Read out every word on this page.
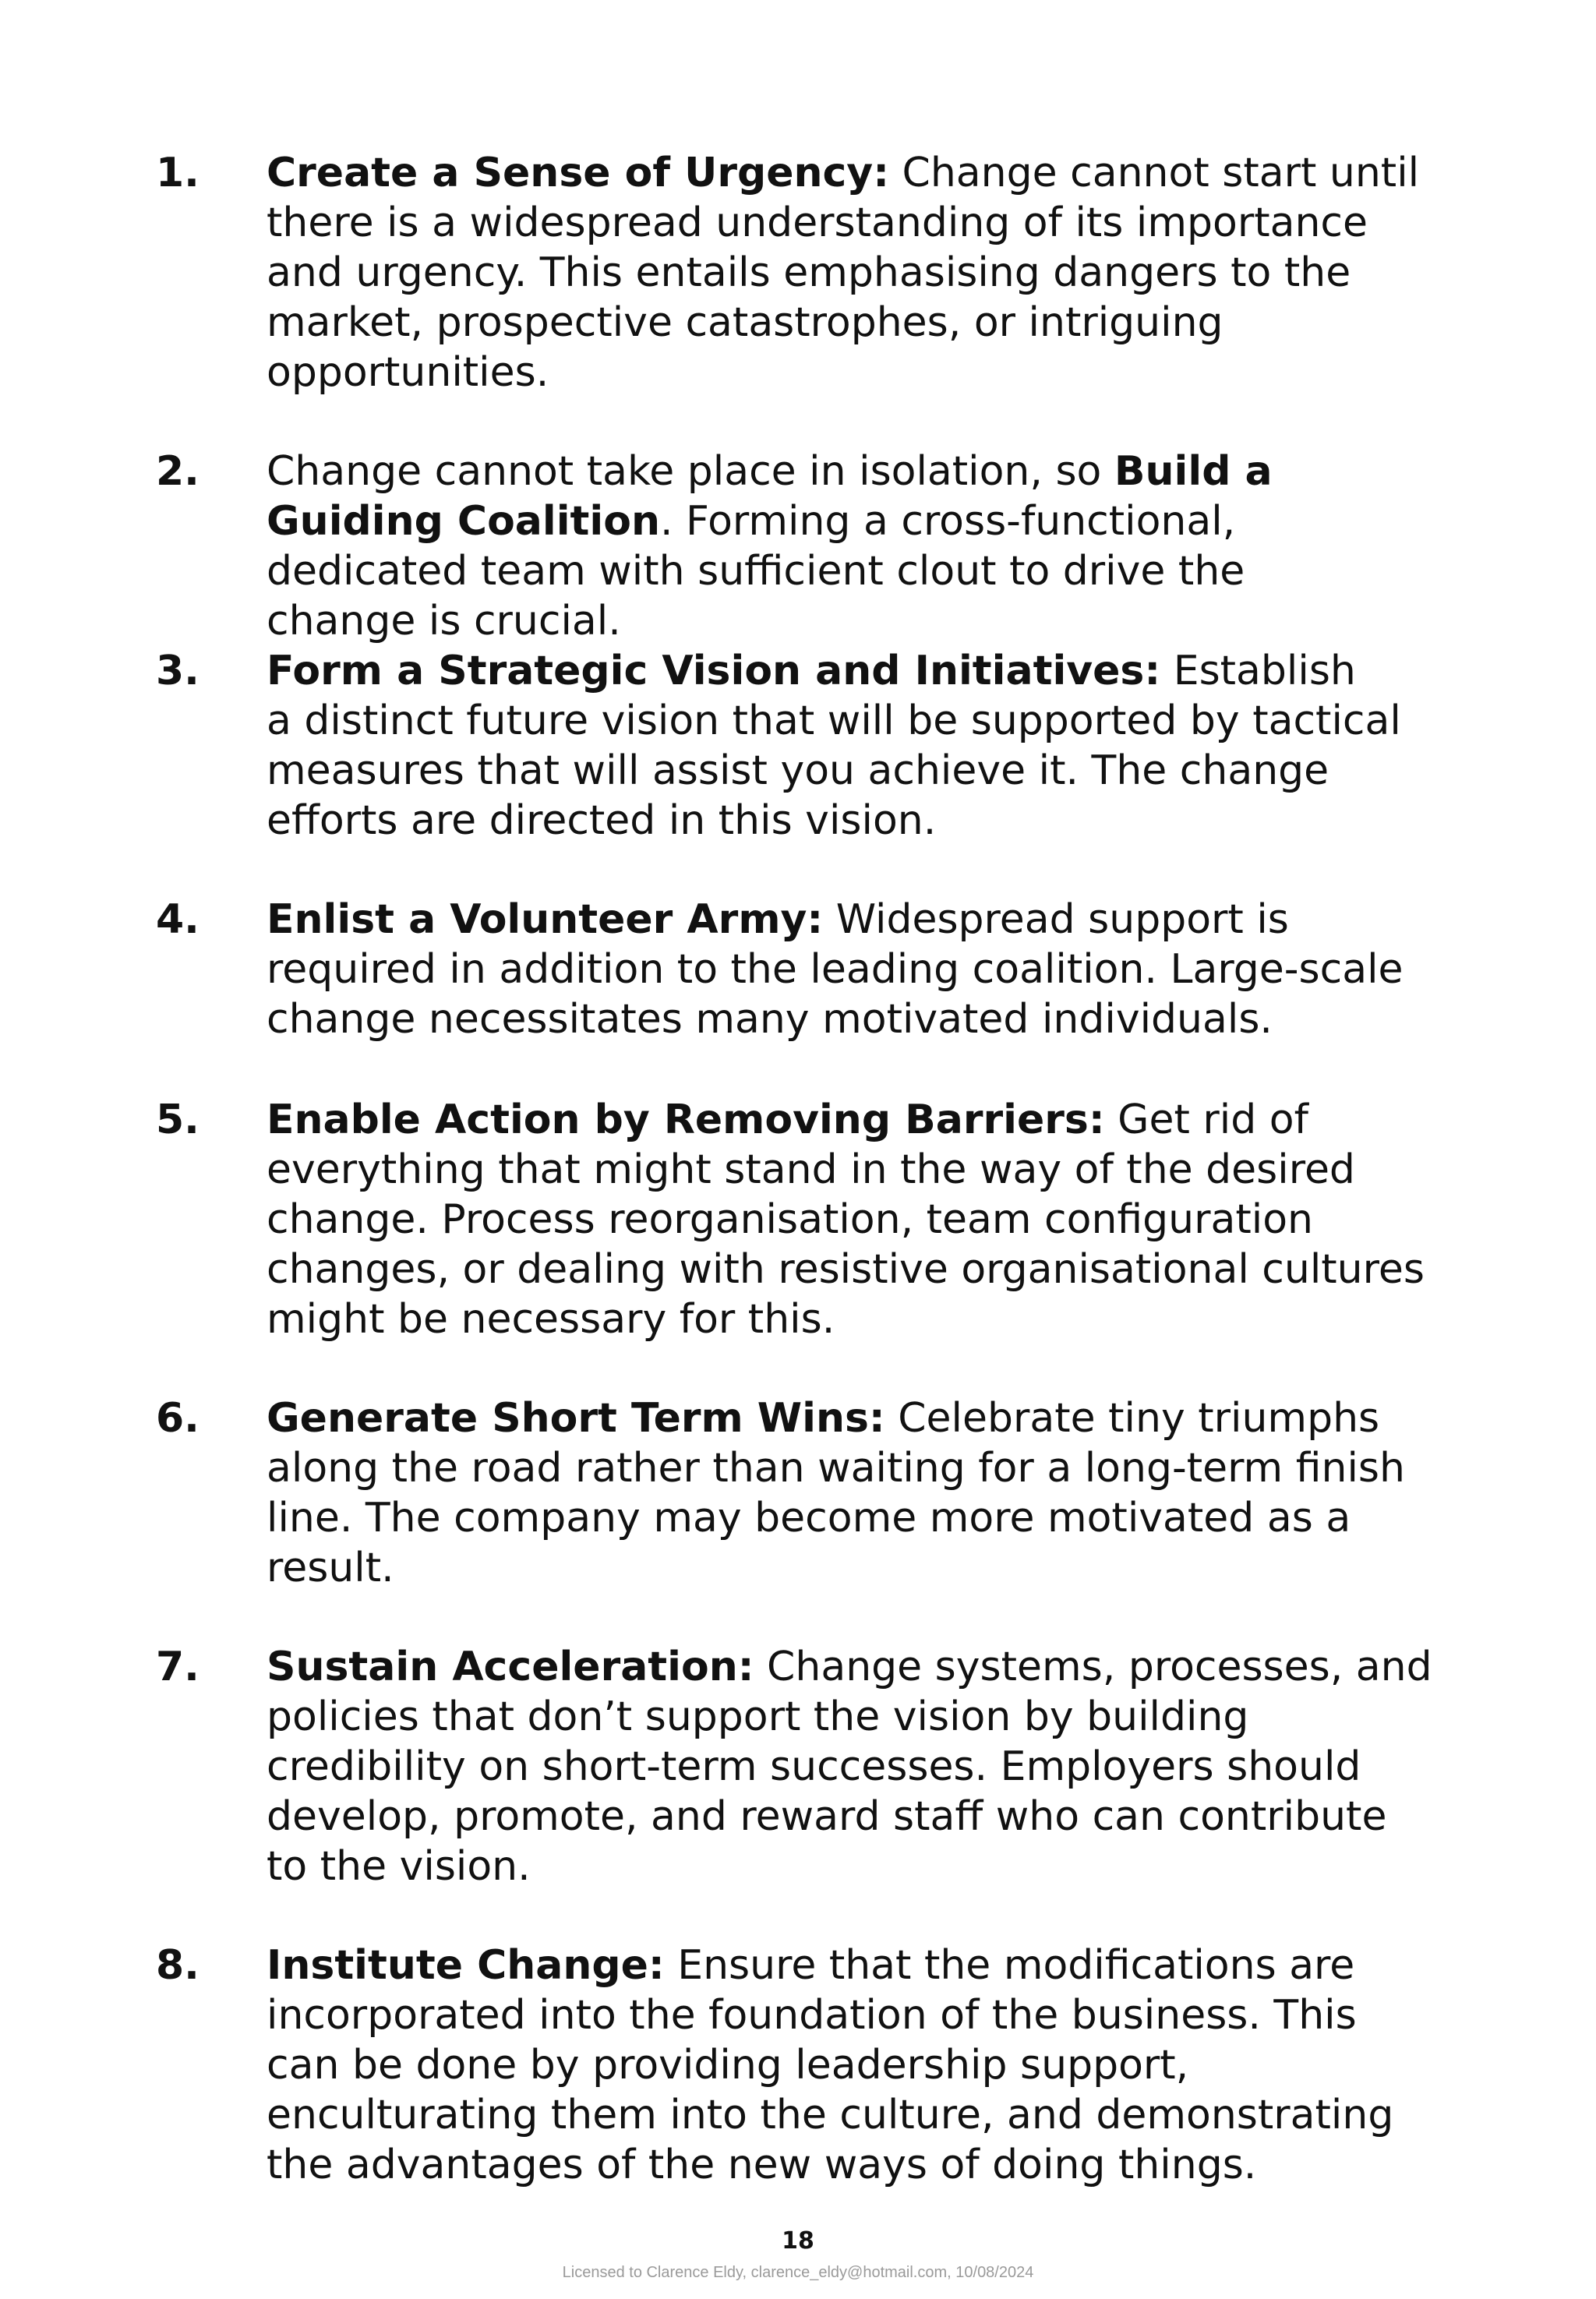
1. Create a Sense of Urgency: Change cannot start until
there is a widespread understanding of its importance
and urgency. This entails emphasising dangers to the
market, prospective catastrophes, or intriguing
opportunities.

2. Change cannot take place in isolation, so Build a
Guiding Coalition. Forming a cross-functional,
dedicated team with sufficient clout to drive the
change is crucial.

3. Form a Strategic Vision and Initiatives: Establish
a distinct future vision that will be supported by tactical
measures that will assist you achieve it. The change
efforts are directed in this vision.

4. Enlist a Volunteer Army: Widespread support is
required in addition to the leading coalition. Large-scale
change necessitates many motivated individuals.

5. Enable Action by Removing Barriers: Get rid of
everything that might stand in the way of the desired
change. Process reorganisation, team configuration
changes, or dealing with resistive organisational cultures
might be necessary for this.

6. Generate Short Term Wins: Celebrate tiny triumphs
along the road rather than waiting for a long-term finish
line. The company may become more motivated as a
result.

7. Sustain Acceleration: Change systems, processes, and
policies that don’t support the vision by building
credibility on short-term successes. Employers should
develop, promote, and reward staff who can contribute
to the vision.

8. Institute Change: Ensure that the modifications are
incorporated into the foundation of the business. This
can be done by providing leadership support,
enculturating them into the culture, and demonstrating
the advantages of the new ways of doing things.

18
Licensed to Clarence Eldy, clarence_eldy@hotmail.com, 10/08/2024
